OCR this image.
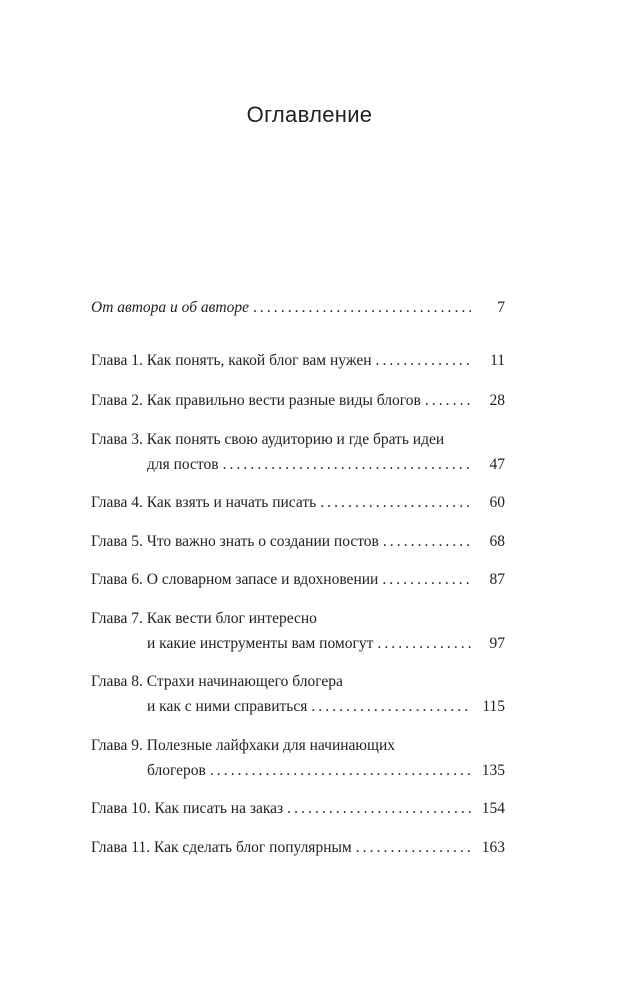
Оглавление
От автора и об авторе . . .	7
Глава 1. Как понять, какой блог вам нужен . . .	11
Глава 2. Как правильно вести разные виды блогов . . .	28
Глава 3. Как понять свою аудиторию и где брать идеи
для постов . . .	47
Глава 4. Как взять и начать писать . . .	60
Глава 5. Что важно знать о создании постов . . .	68
Глава 6. О словарном запасе и вдохновении . . .	87
Глава 7. Как вести блог интересно
и какие инструменты вам помогут . . .	97
Глава 8. Страхи начинающего блогера
и как с ними справиться . . .	115
Глава 9. Полезные лайфхаки для начинающих
блогеров . . .	135
Глава 10. Как писать на заказ . . .	154
Глава 11. Как сделать блог популярным . . .	163
